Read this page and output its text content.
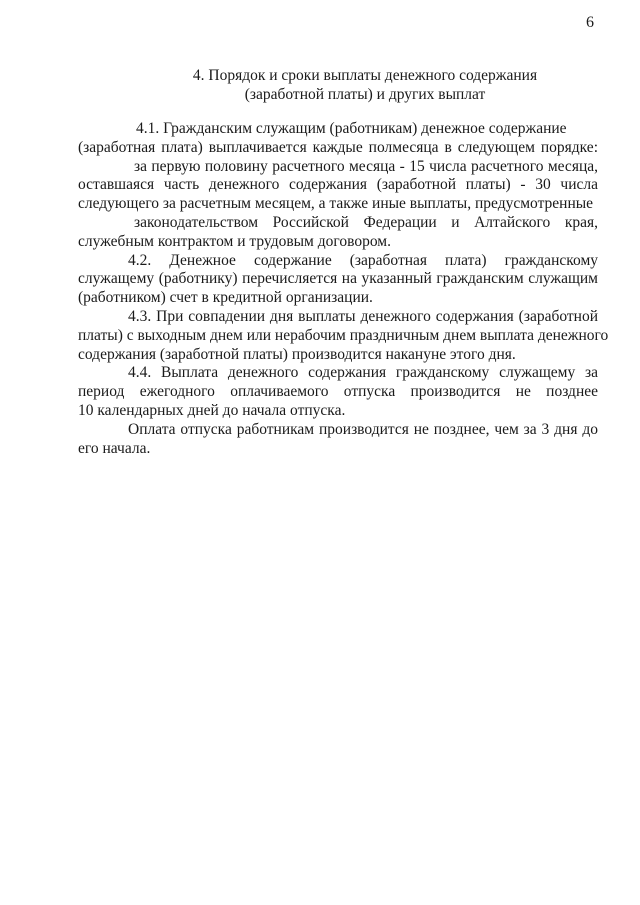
6
4. Порядок и сроки выплаты денежного содержания
(заработной платы) и других выплат
4.1. Гражданским служащим (работникам) денежное содержание
(заработная плата) выплачивается каждые полмесяца в следующем порядке:
за первую половину расчетного месяца - 15 числа расчетного месяца,
оставшаяся часть денежного содержания (заработной платы) - 30 числа
следующего за расчетным месяцем, а также иные выплаты, предусмотренные
законодательством Российской Федерации и Алтайского края,
служебным контрактом и трудовым договором.
4.2. Денежное содержание (заработная плата) гражданскому
служащему (работнику) перечисляется на указанный гражданским служащим
(работником) счет в кредитной организации.
4.3. При совпадении дня выплаты денежного содержания (заработной
платы) с выходным днем или нерабочим праздничным днем выплата денежного
содержания (заработной платы) производится накануне этого дня.
4.4. Выплата денежного содержания гражданскому служащему за
период ежегодного оплачиваемого отпуска производится не позднее
10 календарных дней до начала отпуска.
Оплата отпуска работникам производится не позднее, чем за 3 дня до
его начала.
